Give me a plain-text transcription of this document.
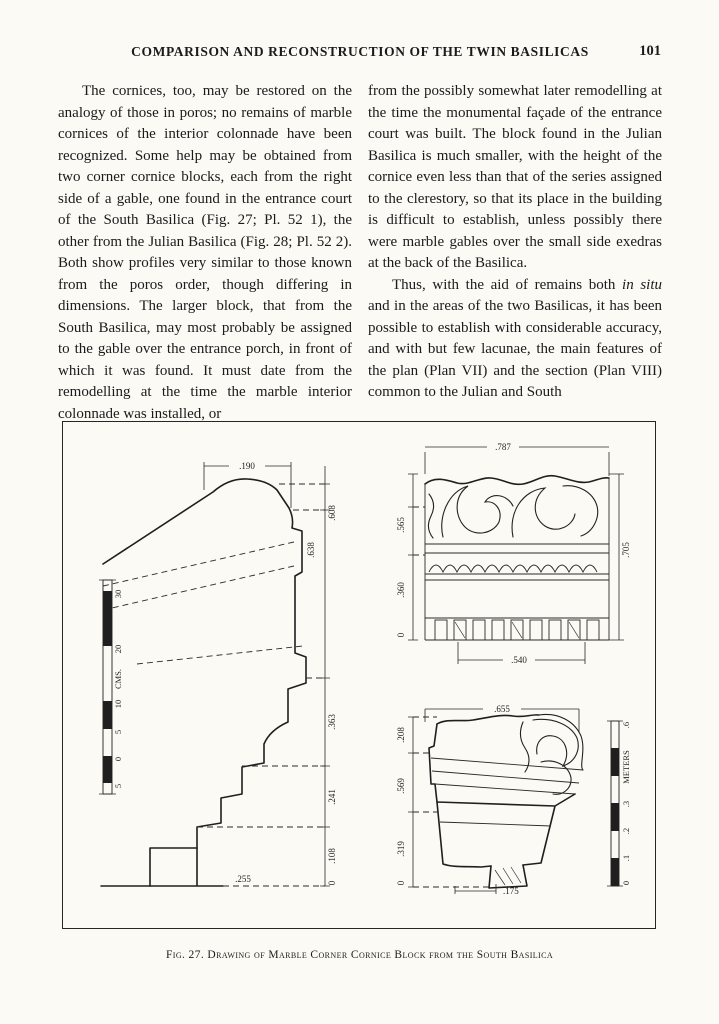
COMPARISON AND RECONSTRUCTION OF THE TWIN BASILICAS	101

The cornices, too, may be restored on the analogy of those in poros; no remains of marble cornices of the interior colonnade have been recognized. Some help may be obtained from two corner cornice blocks, each from the right side of a gable, one found in the entrance court of the South Basilica (Fig. 27; Pl. 52 1), the other from the Julian Basilica (Fig. 28; Pl. 52 2). Both show profiles very similar to those known from the poros order, though differing in dimensions. The larger block, that from the South Basilica, may most probably be assigned to the gable over the entrance porch, in front of which it was found. It must date from the remodelling at the time the marble interior colonnade was installed, or

from the possibly somewhat later remodelling at the time the monumental façade of the entrance court was built. The block found in the Julian Basilica is much smaller, with the height of the cornice even less than that of the series assigned to the clerestory, so that its place in the building is difficult to establish, unless possibly there were marble gables over the small side exedras at the back of the Basilica.

Thus, with the aid of remains both in situ and in the areas of the two Basilicas, it has been possible to establish with considerable accuracy, and with but few lacunae, the main features of the plan (Plan VII) and the section (Plan VIII) common to the Julian and South

.190
.608
.638
.363
.241
.108
0
.255
30
20
CMS.
10
5
0
5
.787
.565
.360
0
.705
.540
.655
.208
.569
.319
0
.175
.6
METERS
.3
.2
.1
0
Fig. 27. Drawing of Marble Corner Cornice Block from the South Basilica
